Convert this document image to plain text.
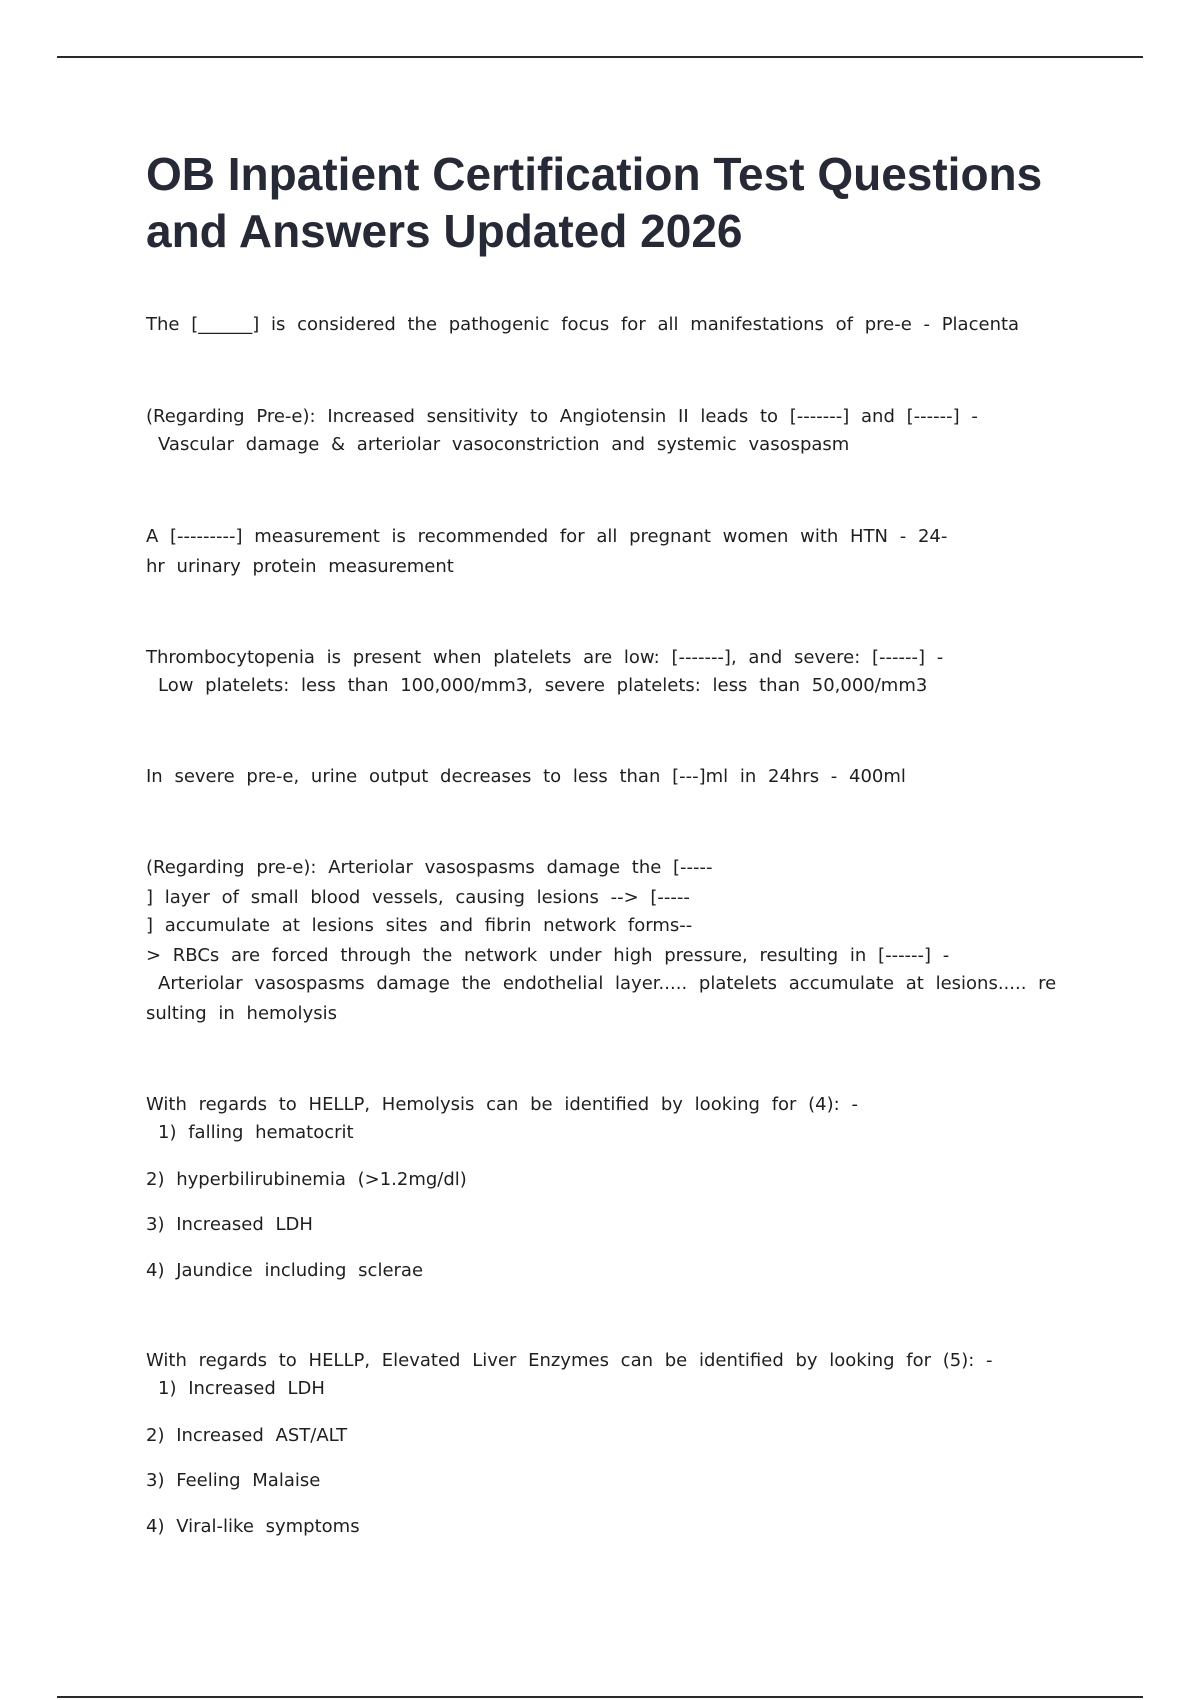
OB Inpatient Certification Test Questions and Answers Updated 2026
The [______] is considered the pathogenic focus for all manifestations of pre-e - Placenta
(Regarding Pre-e): Increased sensitivity to Angiotensin II leads to [-------] and [------] -
Vascular damage & arteriolar vasoconstriction and systemic vasospasm
A [---------] measurement is recommended for all pregnant women with HTN - 24-
hr urinary protein measurement
Thrombocytopenia is present when platelets are low: [-------], and severe: [------] -
Low platelets: less than 100,000/mm3, severe platelets: less than 50,000/mm3
In severe pre-e, urine output decreases to less than [---]ml in 24hrs - 400ml
(Regarding pre-e): Arteriolar vasospasms damage the [-----
] layer of small blood vessels, causing lesions --> [-----
] accumulate at lesions sites and fibrin network forms--
> RBCs are forced through the network under high pressure, resulting in [------] -
Arteriolar vasospasms damage the endothelial layer..... platelets accumulate at lesions..... re
sulting in hemolysis
With regards to HELLP, Hemolysis can be identified by looking for (4): -
1) falling hematocrit
2) hyperbilirubinemia (>1.2mg/dl)
3) Increased LDH
4) Jaundice including sclerae
With regards to HELLP, Elevated Liver Enzymes can be identified by looking for (5): -
1) Increased LDH
2) Increased AST/ALT
3) Feeling Malaise
4) Viral-like symptoms
